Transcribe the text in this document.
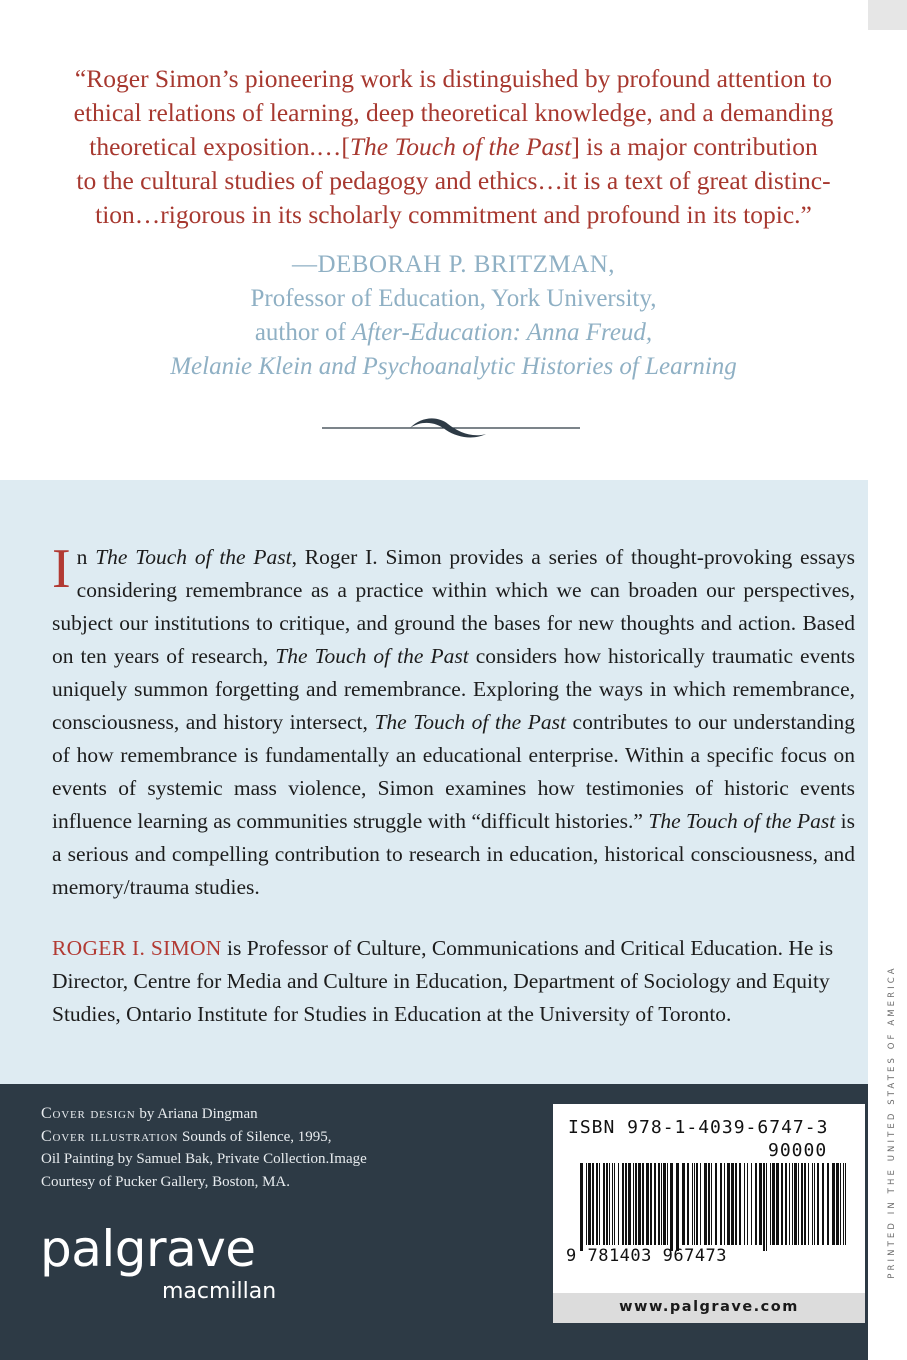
“Roger Simon’s pioneering work is distinguished by profound attention to
ethical relations of learning, deep theoretical knowledge, and a demanding
theoretical exposition.…[The Touch of the Past] is a major contribution
to the cultural studies of pedagogy and ethics…it is a text of great distinc-
tion…rigorous in its scholarly commitment and profound in its topic.”
—DEBORAH P. BRITZMAN,
Professor of Education, York University,
author of After-Education: Anna Freud,
Melanie Klein and Psychoanalytic Histories of Learning
In The Touch of the Past, Roger I. Simon provides a series of thought-provoking essays considering remembrance as a practice within which we can broaden our perspectives, subject our institutions to critique, and ground the bases for new thoughts and action. Based on ten years of research, The Touch of the Past considers how historically traumatic events uniquely summon forgetting and remembrance. Exploring the ways in which remembrance, consciousness, and history intersect, The Touch of the Past contributes to our understanding of how remembrance is fundamentally an educational enterprise. Within a specific focus on events of systemic mass violence, Simon examines how testimonies of historic events influence learning as communities struggle with “difficult histories.” The Touch of the Past is a serious and compelling contribution to research in education, historical consciousness, and memory/trauma studies.
ROGER I. SIMON is Professor of Culture, Communications and Critical Education. He is Director, Centre for Media and Culture in Education, Department of Sociology and Equity Studies, Ontario Institute for Studies in Education at the University of Toronto.
Cover design by Ariana Dingman
Cover illustration Sounds of Silence, 1995,
Oil Painting by Samuel Bak, Private Collection.Image
Courtesy of Pucker Gallery, Boston, MA.
palgrave
macmillan
ISBN 978-1-4039-6747-3
90000
9 781403 967473
www.palgrave.com
PRINTED IN THE UNITED STATES OF AMERICA
